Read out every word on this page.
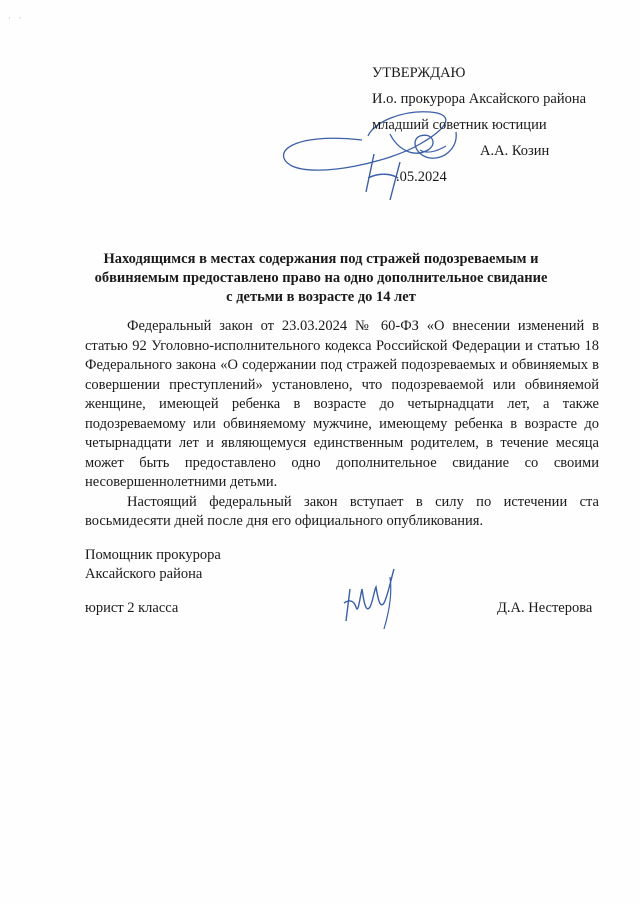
· ·
УТВЕРЖДАЮ
И.о. прокурора Аксайского района
младший советник юстиции
А.А. Козин
.05.2024
Находящимся в местах содержания под стражей подозреваемым и обвиняемым предоставлено право на одно дополнительное свидание с детьми в возрасте до 14 лет

Федеральный закон от 23.03.2024 № 60-ФЗ «О внесении изменений в статью 92 Уголовно-исполнительного кодекса Российской Федерации и статью 18 Федерального закона «О содержании под стражей подозреваемых и обвиняемых в совершении преступлений» установлено, что подозреваемой или обвиняемой женщине, имеющей ребенка в возрасте до четырнадцати лет, а также подозреваемому или обвиняемому мужчине, имеющему ребенка в возрасте до четырнадцати лет и являющемуся единственным родителем, в течение месяца может быть предоставлено одно дополнительное свидание со своими несовершеннолетними детьми.

Настоящий федеральный закон вступает в силу по истечении ста восьмидесяти дней после дня его официального опубликования.

Помощник прокурора
Аксайского района
юрист 2 класса	Д.А. Нестерова
